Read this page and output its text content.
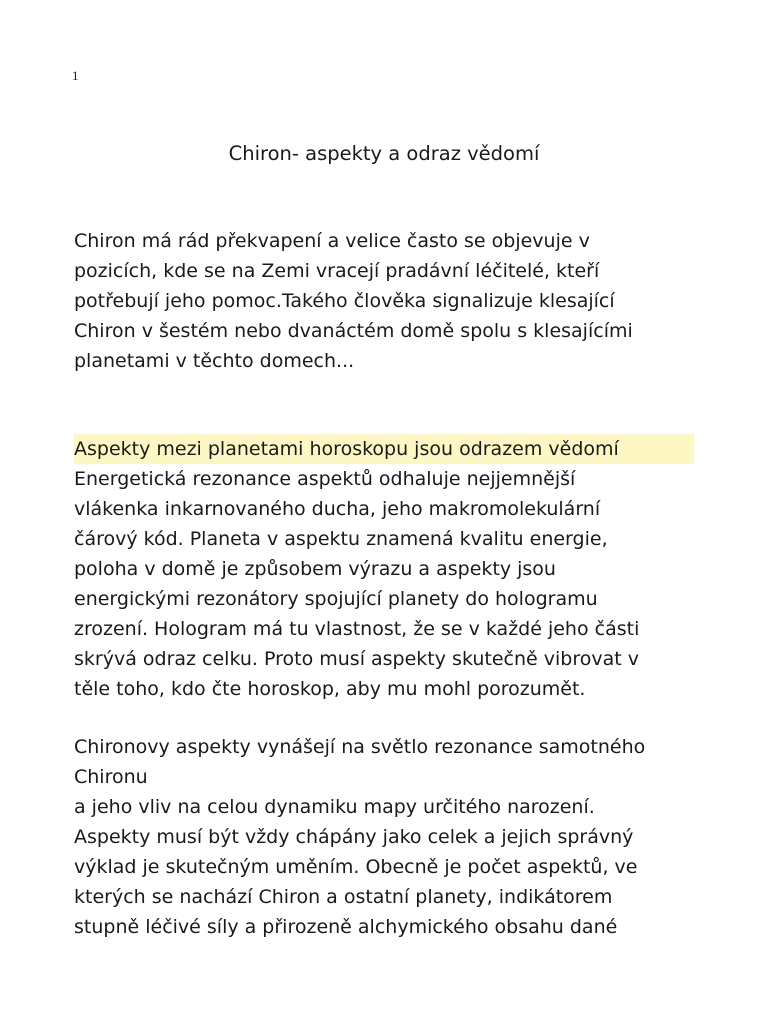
1
Chiron- aspekty a odraz vědomí
Chiron má rád překvapení a velice často se objevuje v
pozicích, kde se na Zemi vracejí pradávní léčitelé, kteří
potřebují jeho pomoc.Takého člověka signalizuje klesající
Chiron v šestém nebo dvanáctém domě spolu s klesajícími
planetami v těchto domech...
Aspekty mezi planetami horoskopu jsou odrazem vědomí
Energetická rezonance aspektů odhaluje nejjemnější
vlákenka inkarnovaného ducha, jeho makromolekulární
čárový kód. Planeta v aspektu znamená kvalitu energie,
poloha v domě je způsobem výrazu a aspekty jsou
energickými rezonátory spojující planety do hologramu
zrození. Hologram má tu vlastnost, že se v každé jeho části
skrývá odraz celku. Proto musí aspekty skutečně vibrovat v
těle toho, kdo čte horoskop, aby mu mohl porozumět.
Chironovy aspekty vynášejí na světlo rezonance samotného
Chironu
a jeho vliv na celou dynamiku mapy určitého narození.
Aspekty musí být vždy chápány jako celek a jejich správný
výklad je skutečným uměním. Obecně je počet aspektů, ve
kterých se nachází Chiron a ostatní planety, indikátorem
stupně léčivé síly a přirozeně alchymického obsahu dané
